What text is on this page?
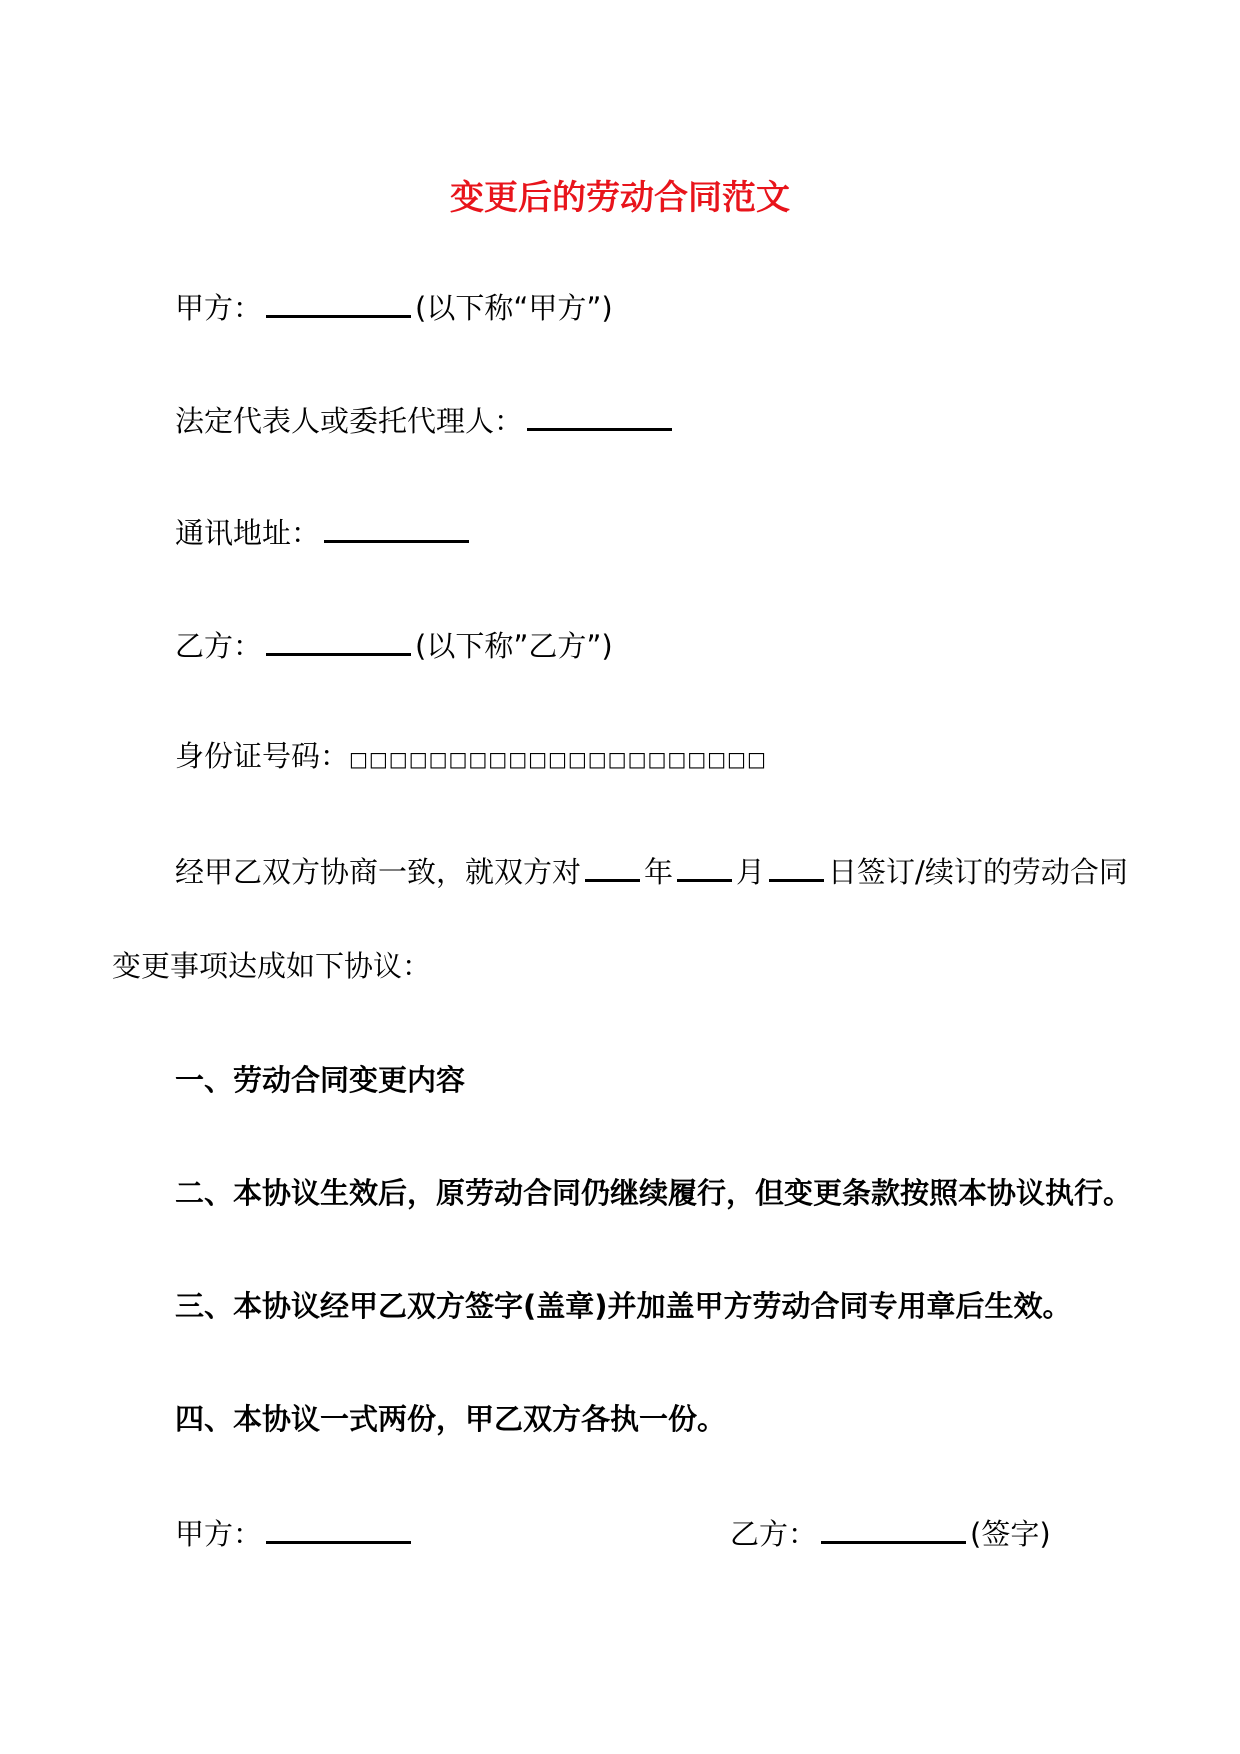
变更后的劳动合同范文
甲方：	(以下称“甲方”)
法定代表人或委托代理人：
通讯地址：
乙方：	(以下称”乙方”)
身份证号码：□□□□□□□□□□□□□□□□□□□□□
经甲乙双方协商一致，就双方对 年 月 日签订/续订的劳动合同
变更事项达成如下协议：
一、劳动合同变更内容
二、本协议生效后，原劳动合同仍继续履行，但变更条款按照本协议执行。
三、本协议经甲乙双方签字(盖章)并加盖甲方劳动合同专用章后生效。
四、本协议一式两份，甲乙双方各执一份。
甲方：	乙方：	(签字)
